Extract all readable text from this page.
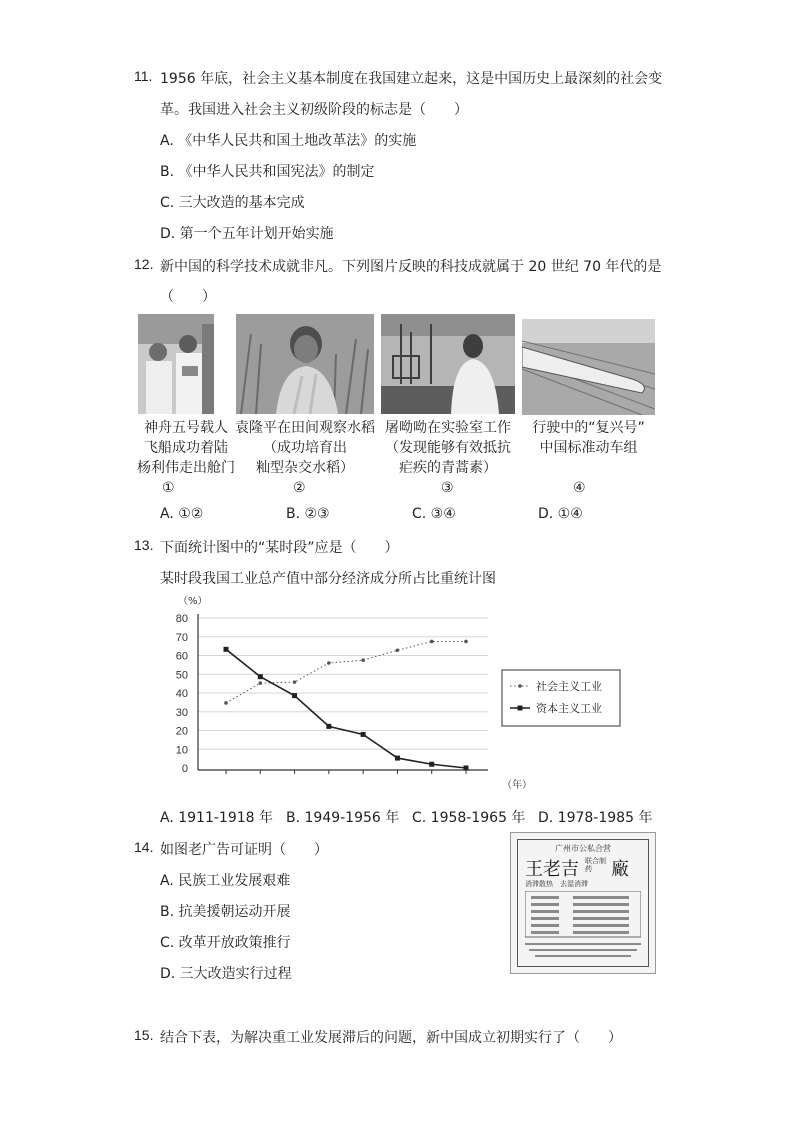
11. 1956 年底，社会主义基本制度在我国建立起来，这是中国历史上最深刻的社会变
革。我国进入社会主义初级阶段的标志是（　　）
A. 《中华人民共和国土地改革法》的实施
B. 《中华人民共和国宪法》的制定
C. 三大改造的基本完成
D. 第一个五年计划开始实施
12. 新中国的科学技术成就非凡。下列图片反映的科技成就属于 20 世纪 70 年代的是
（　　）
神舟五号载人
飞船成功着陆
杨利伟走出舱门
①
袁隆平在田间观察水稻
（成功培育出
籼型杂交水稻）
②
屠呦呦在实验室工作
（发现能够有效抵抗
疟疾的青蒿素）
③
行驶中的“复兴号”
中国标准动车组
④
A. ①②	B. ②③	C. ③④	D. ①④
13. 下面统计图中的“某时段”应是（　　）
某时段我国工业总产值中部分经济成分所占比重统计图
80
70
60
50
40
30
20
10
0
（%）
（年）
社会主义工业
资本主义工业
A. 1911-1918 年 B. 1949-1956 年 C. 1958-1965 年 D. 1978-1985 年
14. 如图老广告可证明（　　）
A. 民族工业发展艰难
B. 抗美援朝运动开展
C. 改革开放政策推行
D. 三大改造实行过程
广州市公私合营
王老吉 联合制药	廠
消滞散热　去湿消滞
15. 结合下表，为解决重工业发展滞后的问题，新中国成立初期实行了（　　）
